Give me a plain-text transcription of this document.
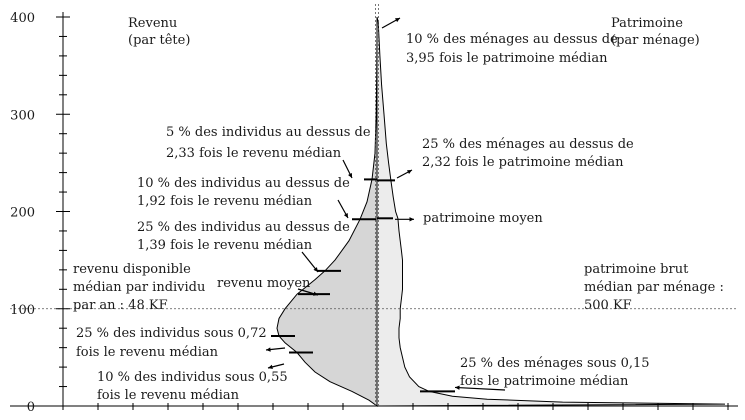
0
100
200
300
400	Revenu
(par tête)
Patrimoine
(par ménage)
5 % des individus au dessus de
2,33 fois le revenu médian
10 % des individus au dessus de
1,92 fois le revenu médian
25 % des individus au dessus de
1,39 fois le revenu médian
revenu disponible
médian par individu
par an : 48 KF
revenu moyen
25 % des individus sous 0,72
fois le revenu médian
10 % des individus sous 0,55
fois le revenu médian
10 % des ménages au dessus de
3,95 fois le patrimoine médian
25 % des ménages au dessus de
2,32 fois le patrimoine médian
patrimoine moyen
patrimoine brut
médian par ménage :
500 KF
25 % des ménages sous 0,15
fois le patrimoine médian
